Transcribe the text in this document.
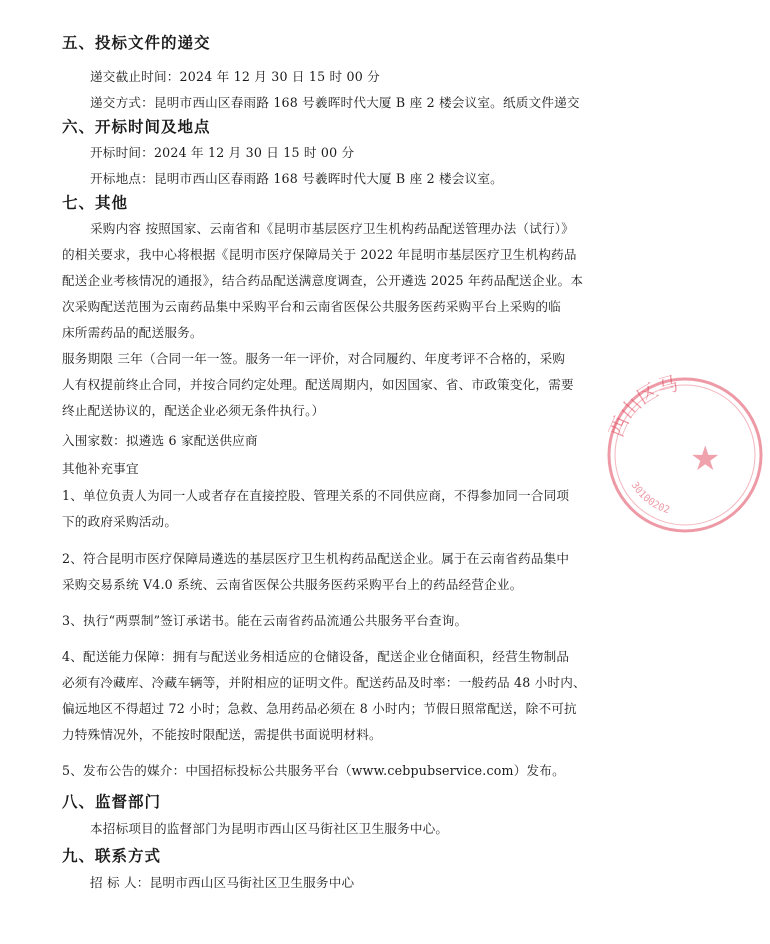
五、投标文件的递交
递交截止时间：2024 年 12 月 30 日 15 时 00 分
递交方式：昆明市西山区春雨路 168 号羲晖时代大厦 B 座 2 楼会议室。纸质文件递交
六、开标时间及地点
开标时间：2024 年 12 月 30 日 15 时 00 分
开标地点：昆明市西山区春雨路 168 号羲晖时代大厦 B 座 2 楼会议室。
七、其他
采购内容 按照国家、云南省和《昆明市基层医疗卫生机构药品配送管理办法（试行）》
的相关要求，我中心将根据《昆明市医疗保障局关于 2022 年昆明市基层医疗卫生机构药品
配送企业考核情况的通报》，结合药品配送满意度调查，公开遴选 2025 年药品配送企业。本
次采购配送范围为云南药品集中采购平台和云南省医保公共服务医药采购平台上采购的临
床所需药品的配送服务。
服务期限 三年（合同一年一签。服务一年一评价，对合同履约、年度考评不合格的，采购
人有权提前终止合同，并按合同约定处理。配送周期内，如因国家、省、市政策变化，需要
终止配送协议的，配送企业必须无条件执行。）
入围家数：拟遴选 6 家配送供应商
其他补充事宜
1、单位负责人为同一人或者存在直接控股、管理关系的不同供应商，不得参加同一合同项
下的政府采购活动。
2、符合昆明市医疗保障局遴选的基层医疗卫生机构药品配送企业。属于在云南省药品集中
采购交易系统 V4.0 系统、云南省医保公共服务医药采购平台上的药品经营企业。
3、执行“两票制”签订承诺书。能在云南省药品流通公共服务平台查询。
4、配送能力保障：拥有与配送业务相适应的仓储设备，配送企业仓储面积，经营生物制品
必须有冷藏库、冷藏车辆等，并附相应的证明文件。配送药品及时率：一般药品 48 小时内、
偏远地区不得超过 72 小时；急救、急用药品必须在 8 小时内；节假日照常配送，除不可抗
力特殊情况外，不能按时限配送，需提供书面说明材料。
5、发布公告的媒介：中国招标投标公共服务平台（www.cebpubservice.com）发布。
八、监督部门
本招标项目的监督部门为昆明市西山区马街社区卫生服务中心。
九、联系方式
招 标 人：昆明市西山区马街社区卫生服务中心
西山区马
30100202
★
